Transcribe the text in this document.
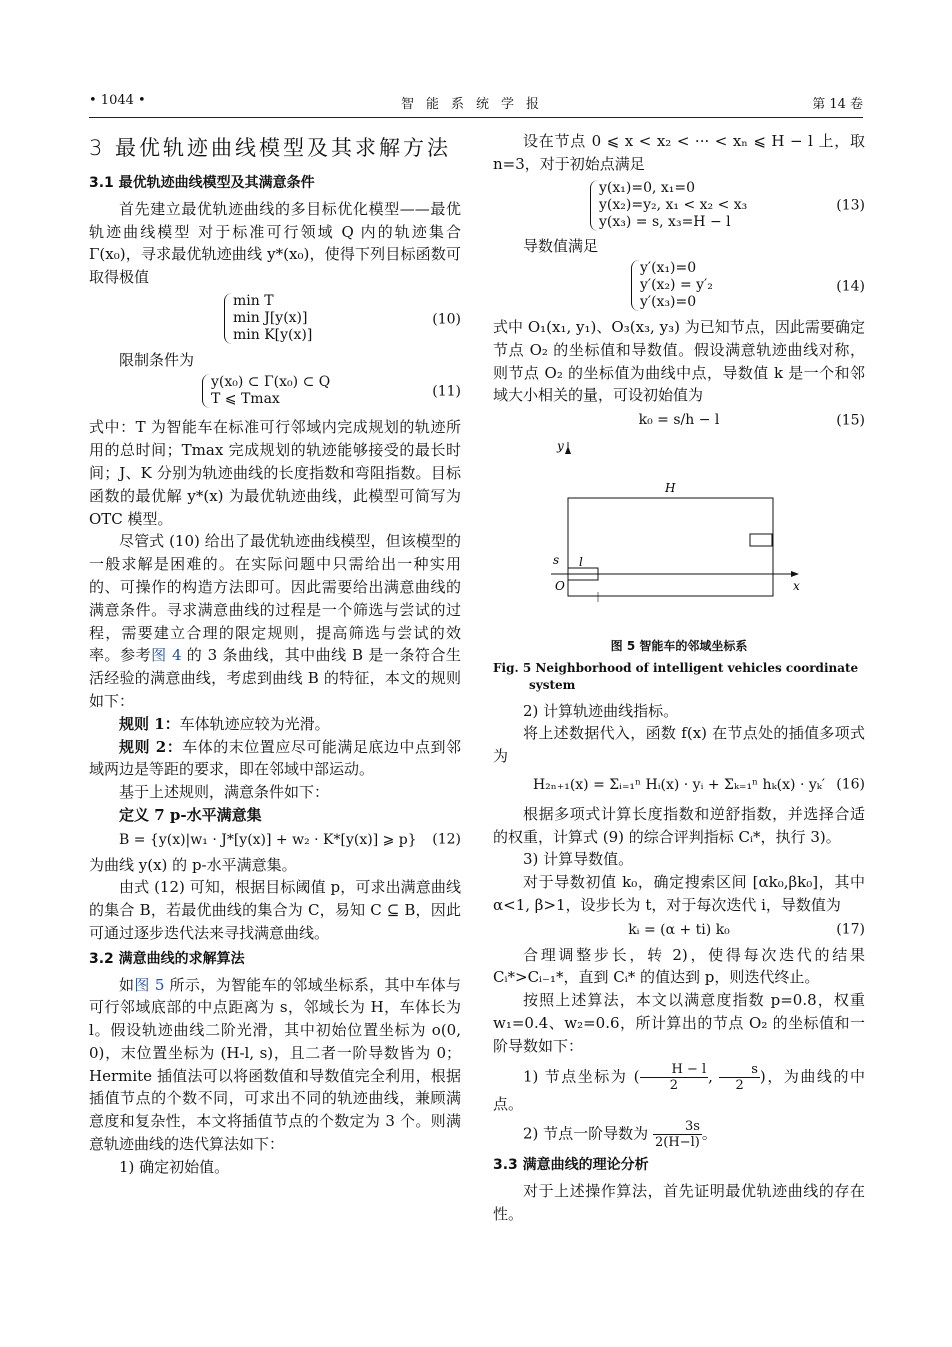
• 1044 •	智能系统学报	第 14 卷
3 最优轨迹曲线模型及其求解方法
3.1 最优轨迹曲线模型及其满意条件

首先建立最优轨迹曲线的多目标优化模型——最优轨迹曲线模型 对于标准可行领域 Q 内的轨迹集合 Γ(x₀)，寻求最优轨迹曲线 y*(x₀)，使得下列目标函数可取得极值

min T
min J[y(x)]
min K[y(x)]
(10)

限制条件为

y(x₀) ⊂ Γ(x₀) ⊂ Q
T ⩽ Tmax	(11)

式中：T 为智能车在标准可行邻域内完成规划的轨迹所用的总时间；Tmax 完成规划的轨迹能够接受的最长时间；J、K 分别为轨迹曲线的长度指数和弯阻指数。目标函数的最优解 y*(x) 为最优轨迹曲线，此模型可简写为 OTC 模型。

尽管式 (10) 给出了最优轨迹曲线模型，但该模型的一般求解是困难的。在实际问题中只需给出一种实用的、可操作的构造方法即可。因此需要给出满意曲线的满意条件。寻求满意曲线的过程是一个筛选与尝试的过程，需要建立合理的限定规则，提高筛选与尝试的效率。参考图 4 的 3 条曲线，其中曲线 B 是一条符合生活经验的满意曲线，考虑到曲线 B 的特征，本文的规则如下：

规则 1：车体轨迹应较为光滑。

规则 2：车体的末位置应尽可能满足底边中点到邻域两边是等距的要求，即在邻域中部运动。

基于上述规则，满意条件如下：

定义 7 p-水平满意集

B = {y(x)|w₁ · J*[y(x)] + w₂ · K*[y(x)] ⩾ p} (12)

为曲线 y(x) 的 p-水平满意集。

由式 (12) 可知，根据目标阈值 p，可求出满意曲线的集合 B，若最优曲线的集合为 C，易知 C ⊆ B，因此可通过逐步迭代法来寻找满意曲线。

3.2 满意曲线的求解算法

如图 5 所示，为智能车的邻域坐标系，其中车体与可行邻域底部的中点距离为 s，邻域长为 H，车体长为 l。假设轨迹曲线二阶光滑，其中初始位置坐标为 o(0, 0)，末位置坐标为 (H-l, s)，且二者一阶导数皆为 0；Hermite 插值法可以将函数值和导数值完全利用，根据插值节点的个数不同，可求出不同的轨迹曲线，兼顾满意度和复杂性，本文将插值节点的个数定为 3 个。则满意轨迹曲线的迭代算法如下：

1) 确定初始值。

设在节点 0 ⩽ x < x₂ < ··· < xₙ ⩽ H − l 上，取 n=3，对于初始点满足

y(x₁)=0, x₁=0
y(x₂)=y₂, x₁ < x₂ < x₃
y(x₃) = s, x₃=H − l
(13)

导数值满足

y′(x₁)=0
y′(x₂) = y′₂
y′(x₃)=0
(14)

式中 O₁(x₁, y₁)、O₃(x₃, y₃) 为已知节点，因此需要确定节点 O₂ 的坐标值和导数值。假设满意轨迹曲线对称，则节点 O₂ 的坐标值为曲线中点，导数值 k 是一个和邻域大小相关的量，可设初始值为

k₀ = s/h − l	(15)
y
x
H
s l
O
图 5 智能车的邻域坐标系
Fig. 5 Neighborhood of intelligent vehicles coordinate system

2) 计算轨迹曲线指标。

将上述数据代入，函数 f(x) 在节点处的插值多项式为

H₂ₙ₊₁(x) = Σᵢ₌₁ⁿ Hᵢ(x) · yᵢ + Σₖ₌₁ⁿ hₖ(x) · yₖ′ (16)

根据多项式计算长度指数和逆舒指数，并选择合适的权重，计算式 (9) 的综合评判指标 Cᵢ*，执行 3)。

3) 计算导数值。

对于导数初值 k₀，确定搜索区间 [αk₀,βk₀]，其中 α<1, β>1，设步长为 t，对于每次迭代 i，导数值为

kᵢ = (α + ti) k₀	(17)

合理调整步长，转 2)，使得每次迭代的结果 Cᵢ*>Cᵢ₋₁*，直到 Cᵢ* 的值达到 p，则迭代终止。

按照上述算法，本文以满意度指数 p=0.8，权重 w₁=0.4、w₂=0.6，所计算出的节点 O₂ 的坐标值和一阶导数如下：

1) 节点坐标为 ( $\frac{H - l}{2}$, $\frac{s}{2}$)，为曲线的中点。

2) 节点一阶导数为 $\frac{3s}{2(H-l)}$。

3.3 满意曲线的理论分析

对于上述操作算法，首先证明最优轨迹曲线的存在性。
